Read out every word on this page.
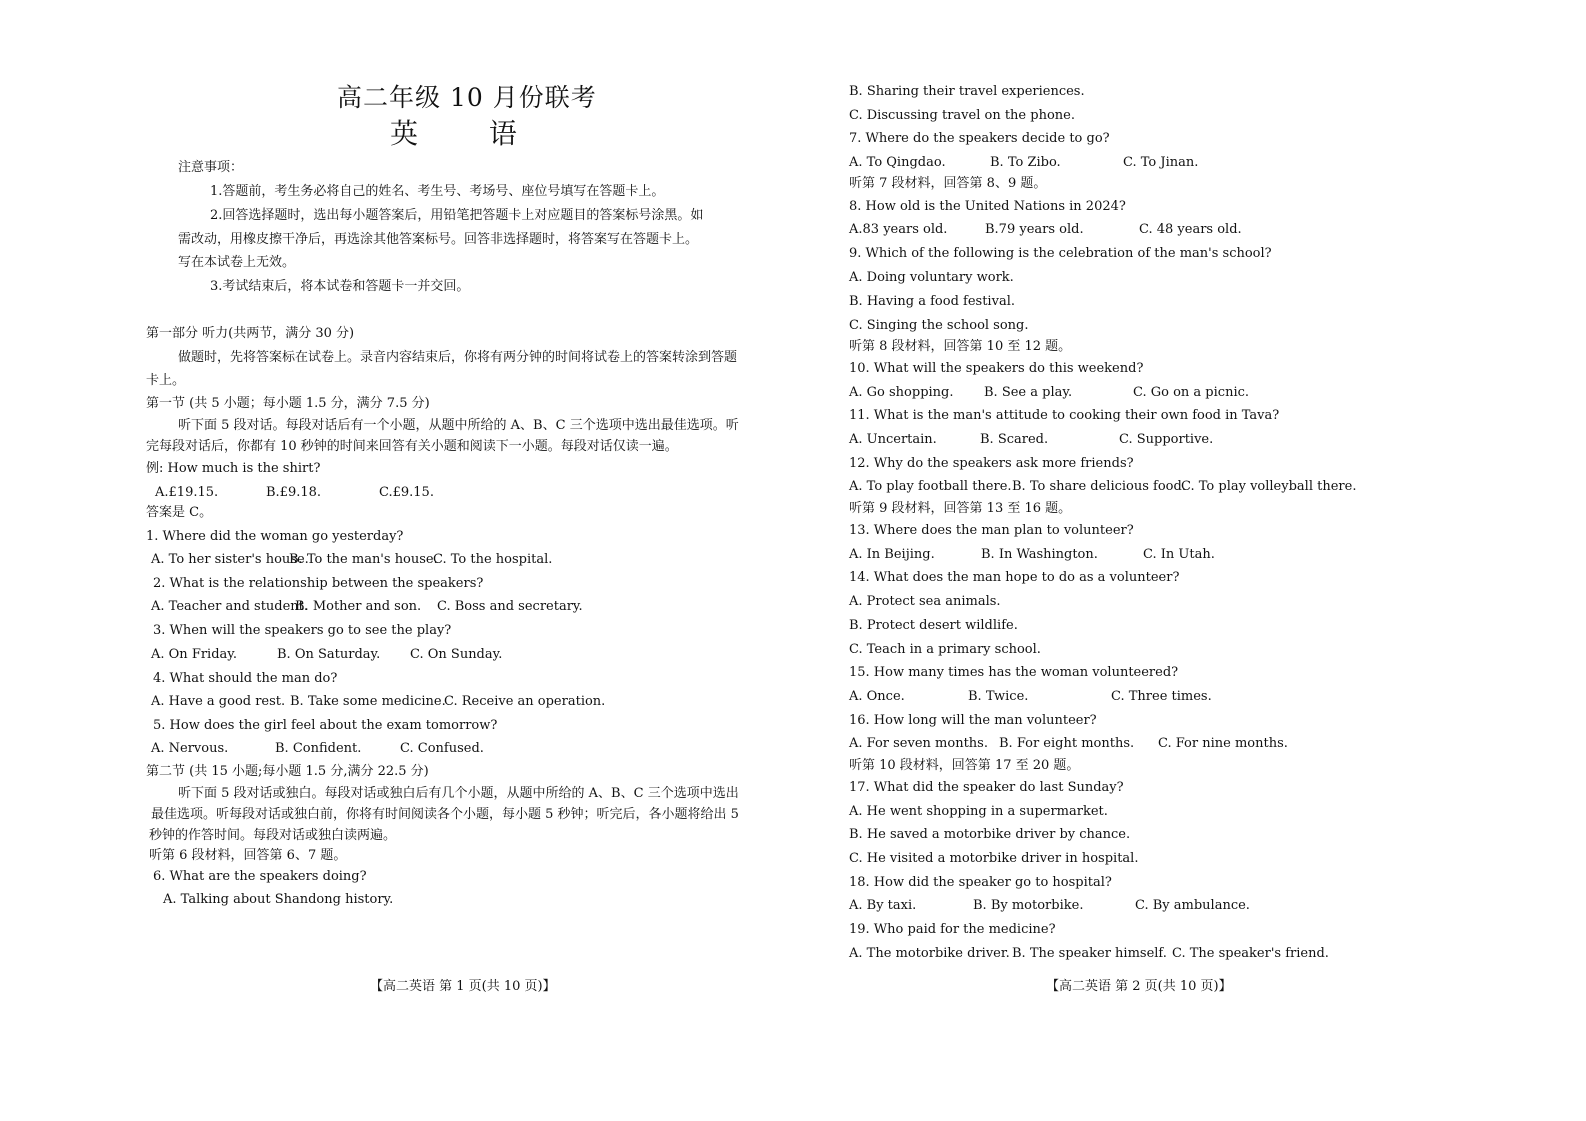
高二年级 10 月份联考
英 语
注意事项：
1.答题前，考生务必将自己的姓名、考生号、考场号、座位号填写在答题卡上。
2.回答选择题时，选出每小题答案后，用铅笔把答题卡上对应题目的答案标号涂黑。如
需改动，用橡皮擦干净后，再选涂其他答案标号。回答非选择题时，将答案写在答题卡上。
写在本试卷上无效。
3.考试结束后，将本试卷和答题卡一并交回。
第一部分 听力(共两节，满分 30 分)
做题时，先将答案标在试卷上。录音内容结束后，你将有两分钟的时间将试卷上的答案转涂到答题
卡上。
第一节 (共 5 小题；每小题 1.5 分，满分 7.5 分)
听下面 5 段对话。每段对话后有一个小题，从题中所给的 A、B、C 三个选项中选出最佳选项。听
完每段对话后，你都有 10 秒钟的时间来回答有关小题和阅读下一小题。每段对话仅读一遍。
例: How much is the shirt?
A.£19.15.	B.£9.18.	C.£9.15.
答案是 C。
1. Where did the woman go yesterday?
A. To her sister's house.
B. To the man's house.
C. To the hospital.
2. What is the relationship between the speakers?
A. Teacher and student.
B. Mother and son. C. Boss and secretary.
3. When will the speakers go to see the play?
A. On Friday.	B. On Saturday. C. On Sunday.
4. What should the man do?
A. Have a good rest. B. Take some medicine.
C. Receive an operation.
5. How does the girl feel about the exam tomorrow?
A. Nervous.	B. Confident.	C. Confused.
第二节 (共 15 小题;每小题 1.5 分,满分 22.5 分)
听下面 5 段对话或独白。每段对话或独白后有几个小题，从题中所给的 A、B、C 三个选项中选出
最佳选项。听每段对话或独白前，你将有时间阅读各个小题，每小题 5 秒钟；听完后，各小题将给出 5
秒钟的作答时间。每段对话或独白读两遍。
听第 6 段材料，回答第 6、7 题。
6. What are the speakers doing?
A. Talking about Shandong history.
【高二英语 第 1 页(共 10 页)】
B. Sharing their travel experiences.
C. Discussing travel on the phone.
7. Where do the speakers decide to go?
A. To Qingdao.	B. To Zibo.	C. To Jinan.
听第 7 段材料，回答第 8、9 题。
8. How old is the United Nations in 2024?
A.83 years old.	B.79 years old.	C. 48 years old.
9. Which of the following is the celebration of the man's school?
A. Doing voluntary work.
B. Having a food festival.
C. Singing the school song.
听第 8 段材料，回答第 10 至 12 题。
10. What will the speakers do this weekend?
A. Go shopping. B. See a play.	C. Go on a picnic.
11. What is the man's attitude to cooking their own food in Tava?
A. Uncertain.	B. Scared.	C. Supportive.
12. Why do the speakers ask more friends?
A. To play football there. B. To share delicious food.
C. To play volleyball there.
听第 9 段材料，回答第 13 至 16 题。
13. Where does the man plan to volunteer?
A. In Beijing.	B. In Washington.	C. In Utah.
14. What does the man hope to do as a volunteer?
A. Protect sea animals.
B. Protect desert wildlife.
C. Teach in a primary school.
15. How many times has the woman volunteered?
A. Once.	B. Twice.	C. Three times.
16. How long will the man volunteer?
A. For seven months. B. For eight months. C. For nine months.
听第 10 段材料，回答第 17 至 20 题。
17. What did the speaker do last Sunday?
A. He went shopping in a supermarket.
B. He saved a motorbike driver by chance.
C. He visited a motorbike driver in hospital.
18. How did the speaker go to hospital?
A. By taxi.	B. By motorbike.	C. By ambulance.
19. Who paid for the medicine?
A. The motorbike driver. B. The speaker himself. C. The speaker's friend.
【高二英语 第 2 页(共 10 页)】
